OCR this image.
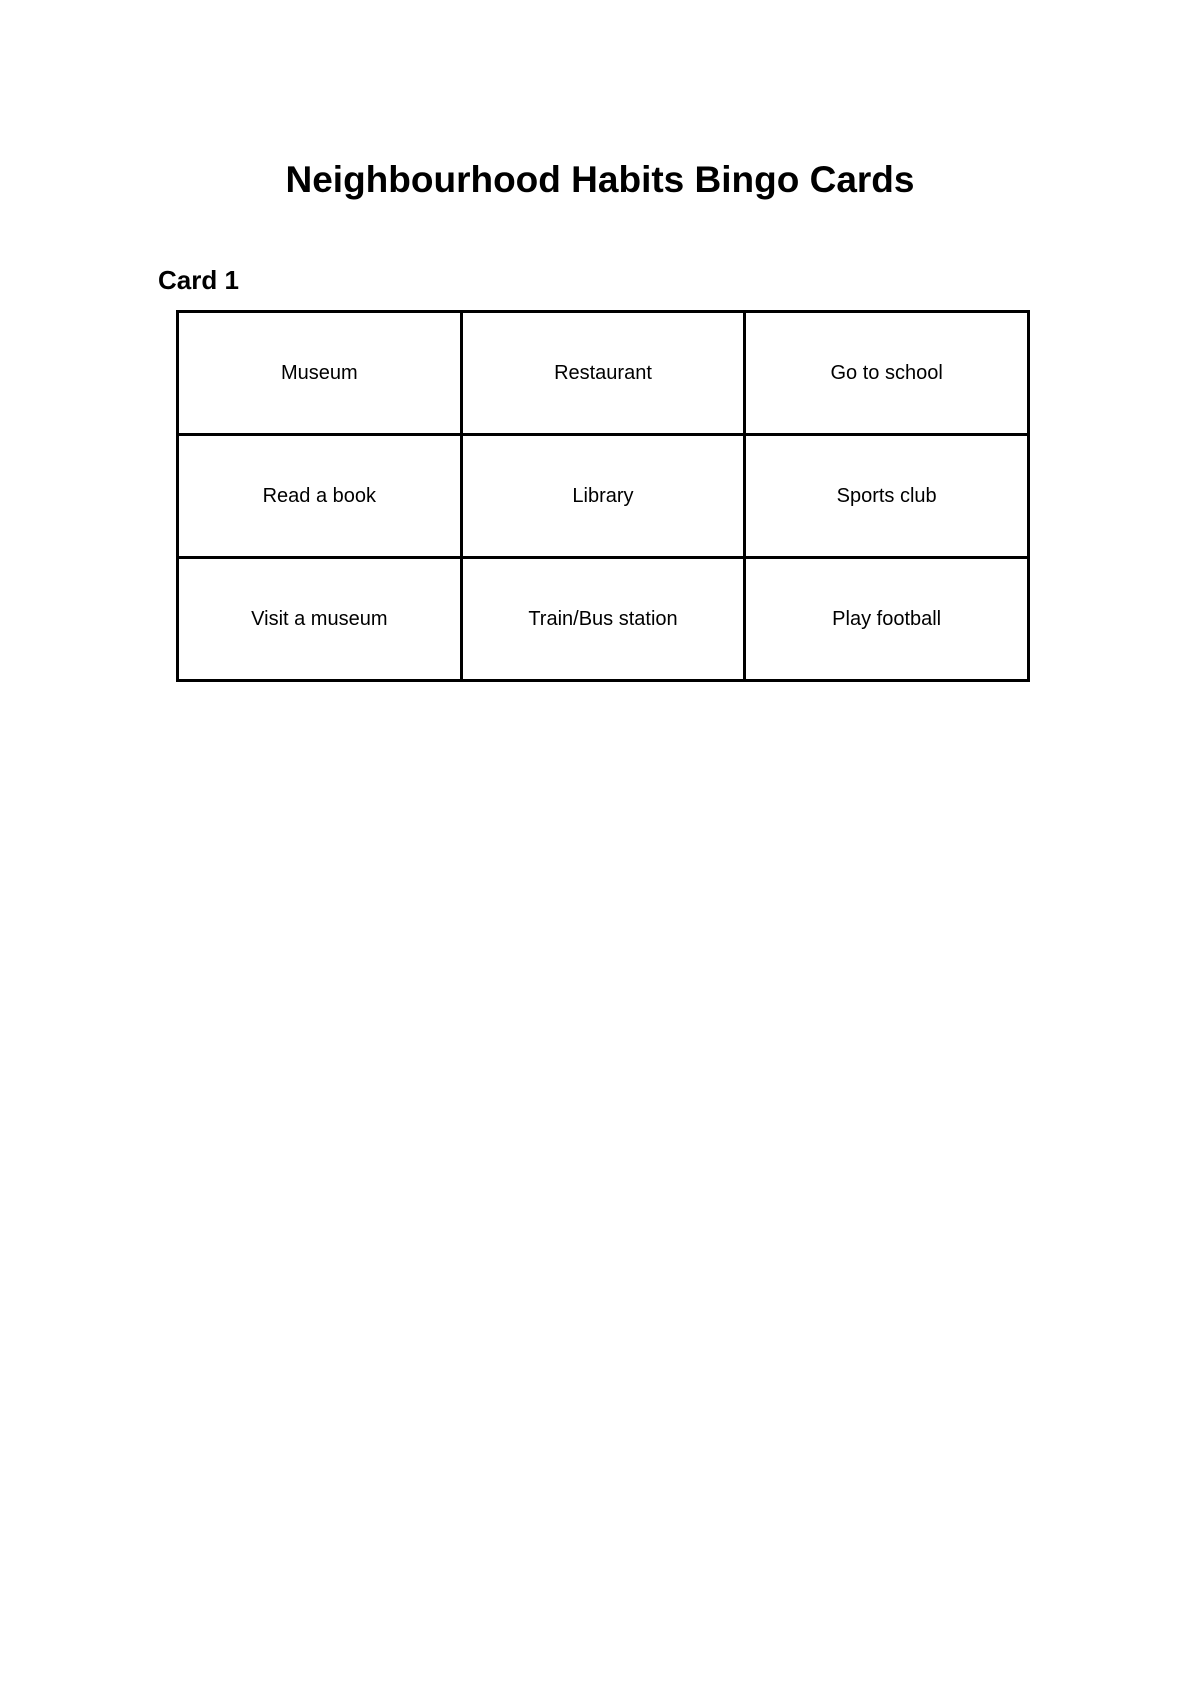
Neighbourhood Habits Bingo Cards
Card 1
Museum	Restaurant	Go to school
Read a book	Library	Sports club
Visit a museum	Train/Bus station	Play football
